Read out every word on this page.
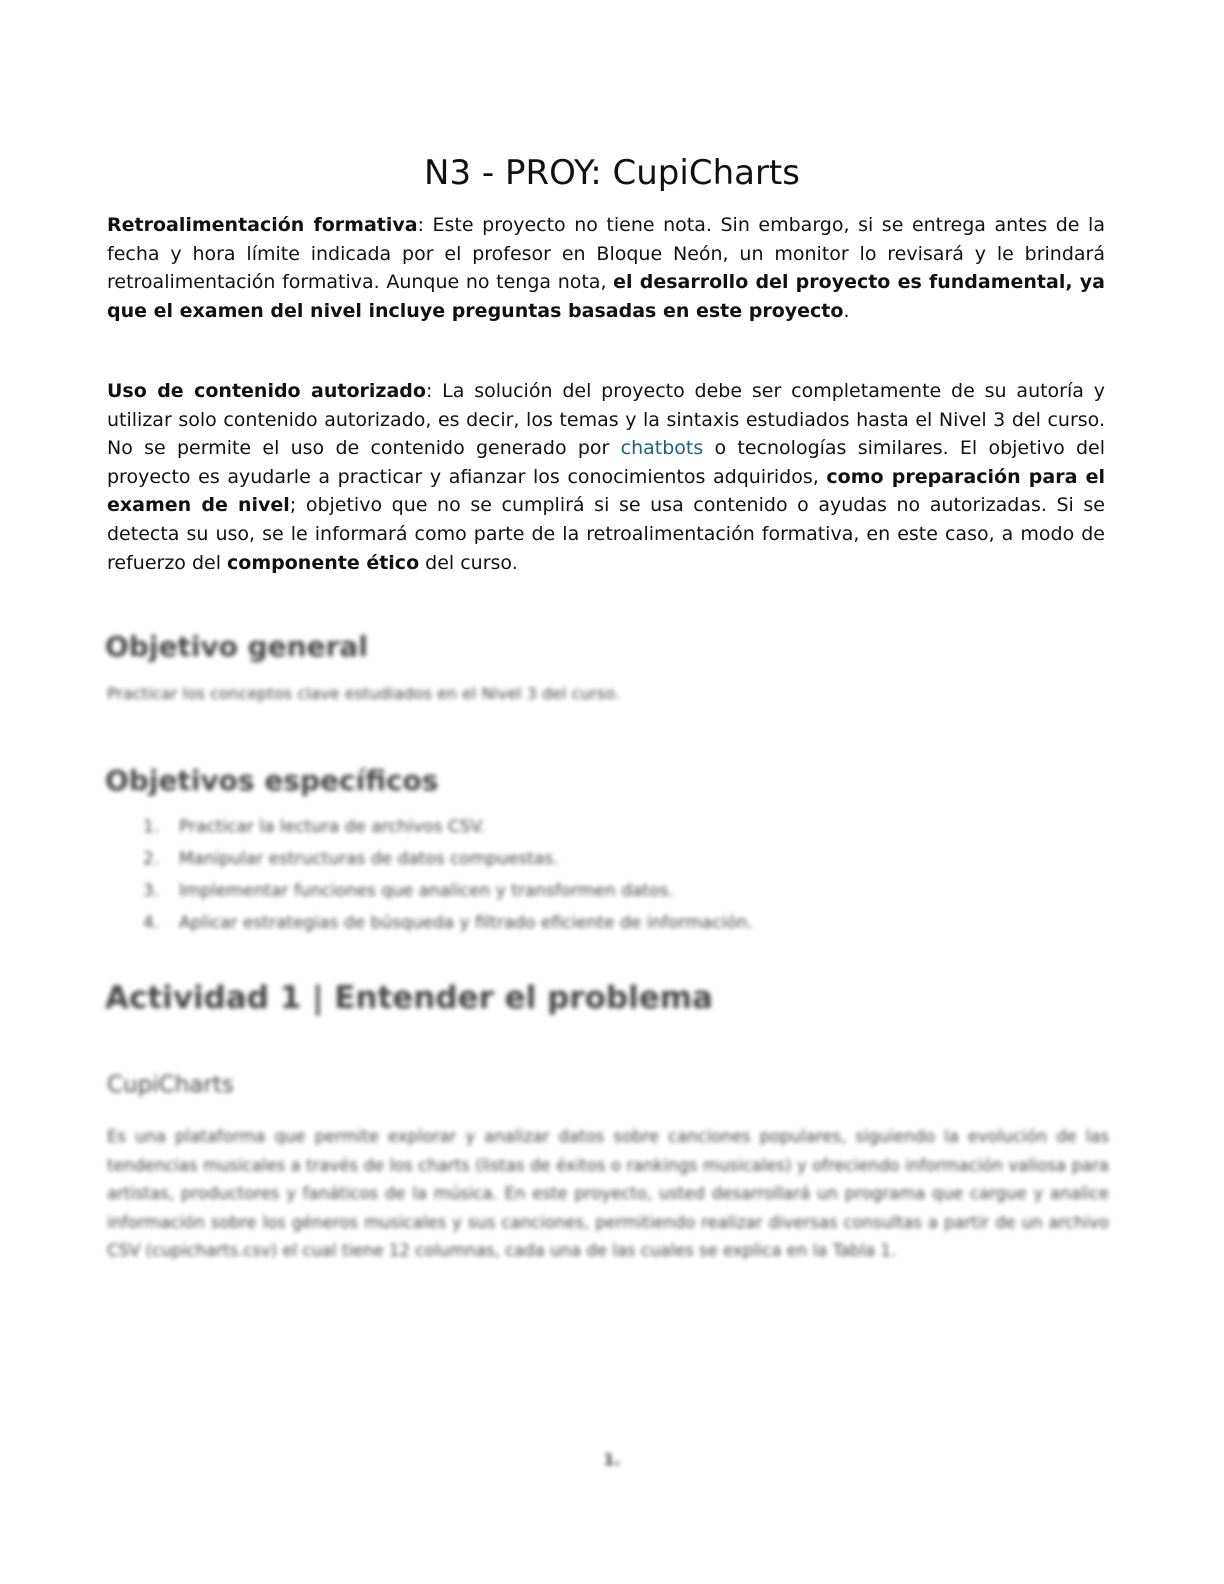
N3 - PROY: CupiCharts

Retroalimentación formativa: Este proyecto no tiene nota. Sin embargo, si se entrega antes de la fecha y hora límite indicada por el profesor en Bloque Neón, un monitor lo revisará y le brindará retroalimentación formativa. Aunque no tenga nota, el desarrollo del proyecto es fundamental, ya que el examen del nivel incluye preguntas basadas en este proyecto.

Uso de contenido autorizado: La solución del proyecto debe ser completamente de su autoría y utilizar solo contenido autorizado, es decir, los temas y la sintaxis estudiados hasta el Nivel 3 del curso. No se permite el uso de contenido generado por chatbots o tecnologías similares. El objetivo del proyecto es ayudarle a practicar y afianzar los conocimientos adquiridos, como preparación para el examen de nivel; objetivo que no se cumplirá si se usa contenido o ayudas no autorizadas. Si se detecta su uso, se le informará como parte de la retroalimentación formativa, en este caso, a modo de refuerzo del componente ético del curso.

Objetivo general

Practicar los conceptos clave estudiados en el Nivel 3 del curso.

Objetivos específicos
1. Practicar la lectura de archivos CSV.
2. Manipular estructuras de datos compuestas.
3. Implementar funciones que analicen y transformen datos.
4. Aplicar estrategias de búsqueda y filtrado eficiente de información.
Actividad 1 | Entender el problema
CupiCharts

Es una plataforma que permite explorar y analizar datos sobre canciones populares, siguiendo la evolución de las tendencias musicales a través de los charts (listas de éxitos o rankings musicales) y ofreciendo información valiosa para artistas, productores y fanáticos de la música. En este proyecto, usted desarrollará un programa que cargue y analice información sobre los géneros musicales y sus canciones, permitiendo realizar diversas consultas a partir de un archivo CSV (cupicharts.csv) el cual tiene 12 columnas, cada una de las cuales se explica en la Tabla 1.

1.
